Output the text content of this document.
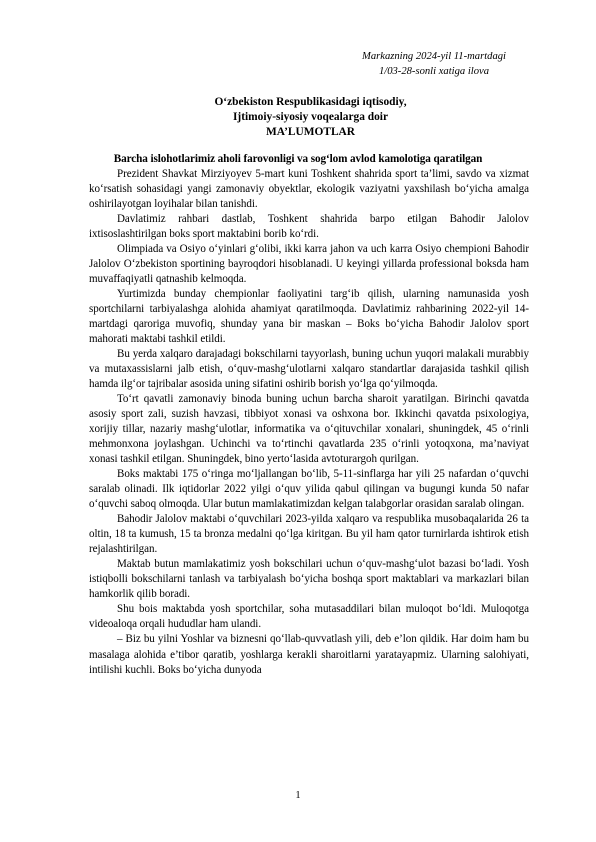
Markazning 2024-yil 11-martdagi
1/03-28-sonli xatiga ilova
O‘zbekiston Respublikasidagi iqtisodiy,
Ijtimoiy-siyosiy voqealarga doir
MA’LUMOTLAR
Barcha islohotlarimiz aholi farovonligi va sog‘lom avlod kamolotiga qaratilgan

Prezident Shavkat Mirziyoyev 5-mart kuni Toshkent shahrida sport ta’limi, savdo va xizmat ko‘rsatish sohasidagi yangi zamonaviy obyektlar, ekologik vaziyatni yaxshilash bo‘yicha amalga oshirilayotgan loyihalar bilan tanishdi.

Davlatimiz rahbari dastlab, Toshkent shahrida barpo etilgan Bahodir Jalolov ixtisoslashtirilgan boks sport maktabini borib ko‘rdi.

Olimpiada va Osiyo o‘yinlari g‘olibi, ikki karra jahon va uch karra Osiyo chempioni Bahodir Jalolov O‘zbekiston sportining bayroqdori hisoblanadi. U keyingi yillarda professional boksda ham muvaffaqiyatli qatnashib kelmoqda.

Yurtimizda bunday chempionlar faoliyatini targ‘ib qilish, ularning namunasida yosh sportchilarni tarbiyalashga alohida ahamiyat qaratilmoqda. Davlatimiz rahbarining 2022-yil 14-martdagi qaroriga muvofiq, shunday yana bir maskan – Boks bo‘yicha Bahodir Jalolov sport mahorati maktabi tashkil etildi.

Bu yerda xalqaro darajadagi bokschilarni tayyorlash, buning uchun yuqori malakali murabbiy va mutaxassislarni jalb etish, o‘quv-mashg‘ulotlarni xalqaro standartlar darajasida tashkil qilish hamda ilg‘or tajribalar asosida uning sifatini oshirib borish yo‘lga qo‘yilmoqda.

To‘rt qavatli zamonaviy binoda buning uchun barcha sharoit yaratilgan. Birinchi qavatda asosiy sport zali, suzish havzasi, tibbiyot xonasi va oshxona bor. Ikkinchi qavatda psixologiya, xorijiy tillar, nazariy mashg‘ulotlar, informatika va o‘qituvchilar xonalari, shuningdek, 45 o‘rinli mehmonxona joylashgan. Uchinchi va to‘rtinchi qavatlarda 235 o‘rinli yotoqxona, ma’naviyat xonasi tashkil etilgan. Shuningdek, bino yerto‘lasida avtoturargoh qurilgan.

Boks maktabi 175 o‘ringa mo‘ljallangan bo‘lib, 5-11-sinflarga har yili 25 nafardan o‘quvchi saralab olinadi. Ilk iqtidorlar 2022 yilgi o‘quv yilida qabul qilingan va bugungi kunda 50 nafar o‘quvchi saboq olmoqda. Ular butun mamlakatimizdan kelgan talabgorlar orasidan saralab olingan.

Bahodir Jalolov maktabi o‘quvchilari 2023-yilda xalqaro va respublika musobaqalarida 26 ta oltin, 18 ta kumush, 15 ta bronza medalni qo‘lga kiritgan. Bu yil ham qator turnirlarda ishtirok etish rejalashtirilgan.

Maktab butun mamlakatimiz yosh bokschilari uchun o‘quv-mashg‘ulot bazasi bo‘ladi. Yosh istiqbolli bokschilarni tanlash va tarbiyalash bo‘yicha boshqa sport maktablari va markazlari bilan hamkorlik qilib boradi.

Shu bois maktabda yosh sportchilar, soha mutasaddilari bilan muloqot bo‘ldi. Muloqotga videoaloqa orqali hududlar ham ulandi.

– Biz bu yilni Yoshlar va biznesni qo‘llab-quvvatlash yili, deb e’lon qildik. Har doim ham bu masalaga alohida e’tibor qaratib, yoshlarga kerakli sharoitlarni yaratayapmiz. Ularning salohiyati, intilishi kuchli. Boks bo‘yicha dunyoda

1
